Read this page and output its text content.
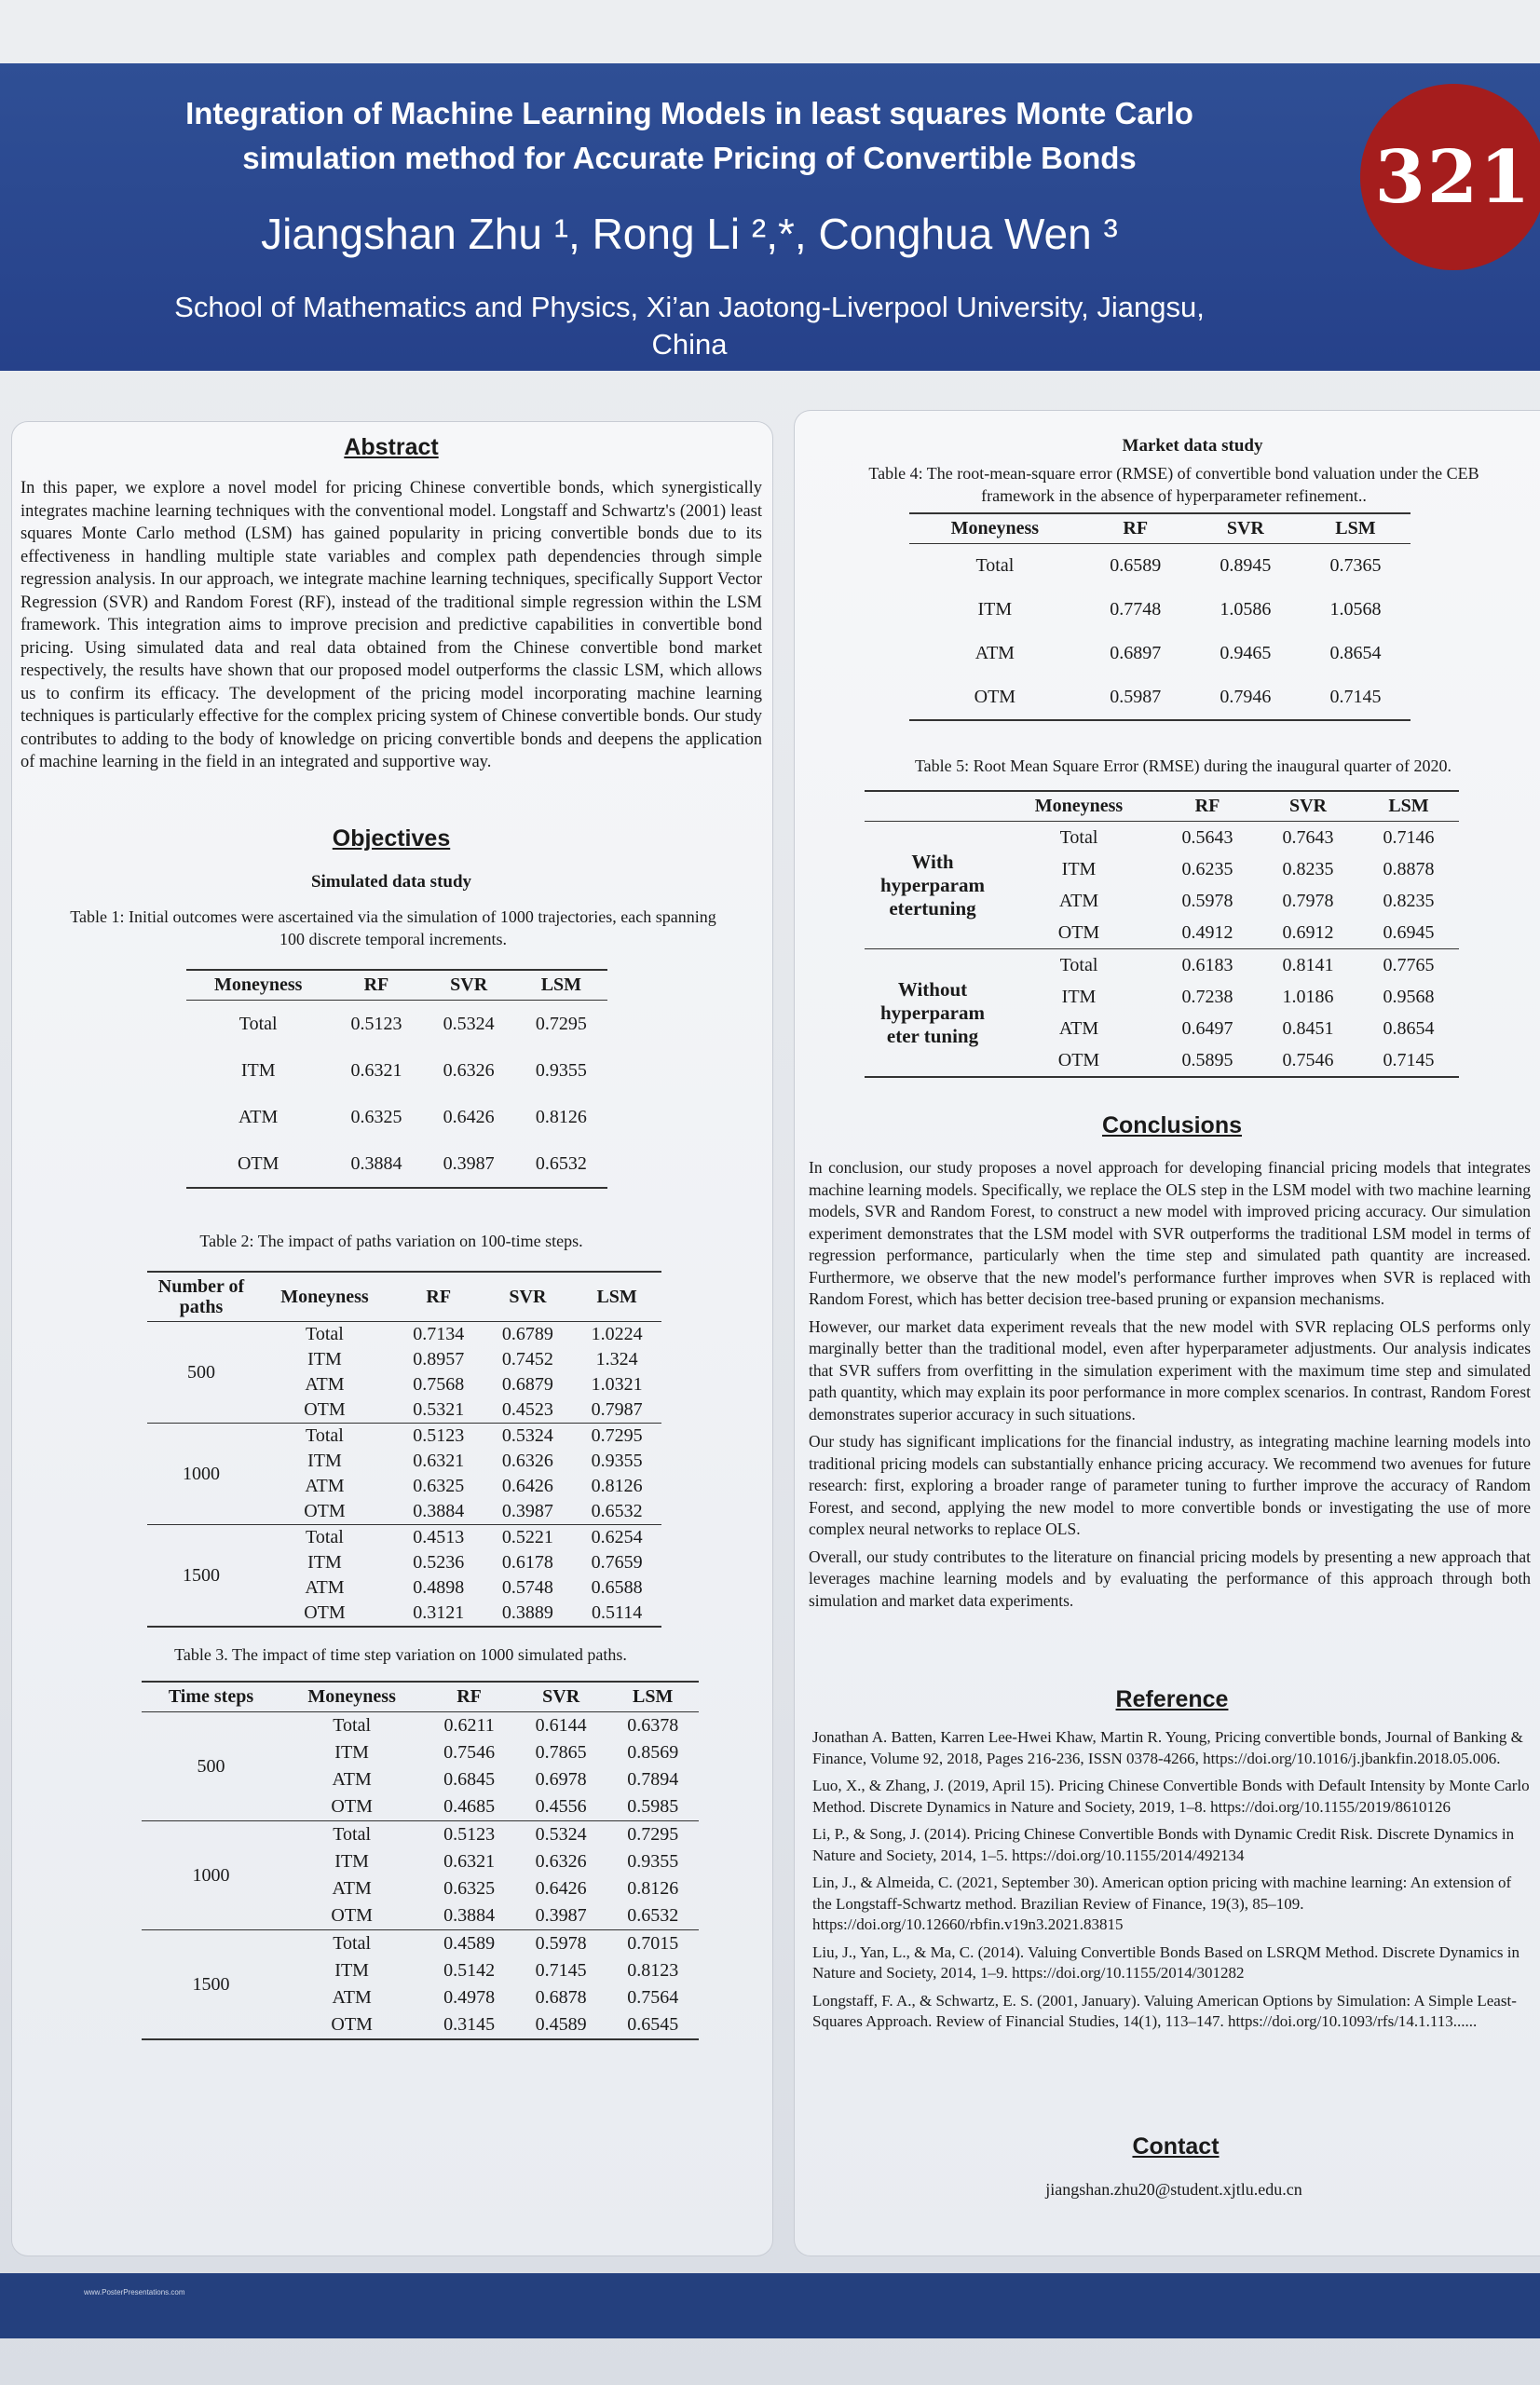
Integration of Machine Learning Models in least squares Monte Carlo simulation method for Accurate Pricing of Convertible Bonds
Jiangshan Zhu ¹, Rong Li ²,*, Conghua Wen ³
School of Mathematics and Physics, Xi’an Jaotong-Liverpool University, Jiangsu, China
321
Abstract
In this paper, we explore a novel model for pricing Chinese convertible bonds, which synergistically integrates machine learning techniques with the conventional model. Longstaff and Schwartz's (2001) least squares Monte Carlo method (LSM) has gained popularity in pricing convertible bonds due to its effectiveness in handling multiple state variables and complex path dependencies through simple regression analysis. In our approach, we integrate machine learning techniques, specifically Support Vector Regression (SVR) and Random Forest (RF), instead of the traditional simple regression within the LSM framework. This integration aims to improve precision and predictive capabilities in convertible bond pricing. Using simulated data and real data obtained from the Chinese convertible bond market respectively, the results have shown that our proposed model outperforms the classic LSM, which allows us to confirm its efficacy. The development of the pricing model incorporating machine learning techniques is particularly effective for the complex pricing system of Chinese convertible bonds. Our study contributes to adding to the body of knowledge on pricing convertible bonds and deepens the application of machine learning in the field in an integrated and supportive way.
Objectives
Simulated data study
Table 1: Initial outcomes were ascertained via the simulation of 1000 trajectories, each spanning 100 discrete temporal increments.
Moneyness	RF	SVR	LSM
Total	0.5123	0.5324	0.7295
ITM	0.6321	0.6326	0.9355
ATM	0.6325	0.6426	0.8126
OTM	0.3884	0.3987	0.6532
Table 2: The impact of paths variation on 100-time steps.
Number of paths	Moneyness	RF	SVR	LSM
500	Total	0.7134	0.6789	1.0224
	ITM	0.8957	0.7452	1.324
	ATM	0.7568	0.6879	1.0321
	OTM	0.5321	0.4523	0.7987
1000	Total	0.5123	0.5324	0.7295
	ITM	0.6321	0.6326	0.9355
	ATM	0.6325	0.6426	0.8126
	OTM	0.3884	0.3987	0.6532
1500	Total	0.4513	0.5221	0.6254
	ITM	0.5236	0.6178	0.7659
	ATM	0.4898	0.5748	0.6588
	OTM	0.3121	0.3889	0.5114
Table 3. The impact of time step variation on 1000 simulated paths.
Time steps	Moneyness	RF	SVR	LSM
500	Total	0.6211	0.6144	0.6378
	ITM	0.7546	0.7865	0.8569
	ATM	0.6845	0.6978	0.7894
	OTM	0.4685	0.4556	0.5985
1000	Total	0.5123	0.5324	0.7295
	ITM	0.6321	0.6326	0.9355
	ATM	0.6325	0.6426	0.8126
	OTM	0.3884	0.3987	0.6532
1500	Total	0.4589	0.5978	0.7015
	ITM	0.5142	0.7145	0.8123
	ATM	0.4978	0.6878	0.7564
	OTM	0.3145	0.4589	0.6545
Market data study
Table 4: The root-mean-square error (RMSE) of convertible bond valuation under the CEB framework in the absence of hyperparameter refinement..
Moneyness	RF	SVR	LSM
Total	0.6589	0.8945	0.7365
ITM	0.7748	1.0586	1.0568
ATM	0.6897	0.9465	0.8654
OTM	0.5987	0.7946	0.7145
Table 5: Root Mean Square Error (RMSE) during the inaugural quarter of 2020.
	Moneyness	RF	SVR	LSM
With hyperparam etertuning	Total	0.5643	0.7643	0.7146
	ITM	0.6235	0.8235	0.8878
	ATM	0.5978	0.7978	0.8235
	OTM	0.4912	0.6912	0.6945
Without hyperparam eter tuning	Total	0.6183	0.8141	0.7765
	ITM	0.7238	1.0186	0.9568
	ATM	0.6497	0.8451	0.8654
	OTM	0.5895	0.7546	0.7145
Conclusions

In conclusion, our study proposes a novel approach for developing financial pricing models that integrates machine learning models. Specifically, we replace the OLS step in the LSM model with two machine learning models, SVR and Random Forest, to construct a new model with improved pricing accuracy. Our simulation experiment demonstrates that the LSM model with SVR outperforms the traditional LSM model in terms of regression performance, particularly when the time step and simulated path quantity are increased. Furthermore, we observe that the new model's performance further improves when SVR is replaced with Random Forest, which has better decision tree-based pruning or expansion mechanisms.

However, our market data experiment reveals that the new model with SVR replacing OLS performs only marginally better than the traditional model, even after hyperparameter adjustments. Our analysis indicates that SVR suffers from overfitting in the simulation experiment with the maximum time step and simulated path quantity, which may explain its poor performance in more complex scenarios. In contrast, Random Forest demonstrates superior accuracy in such situations.

Our study has significant implications for the financial industry, as integrating machine learning models into traditional pricing models can substantially enhance pricing accuracy. We recommend two avenues for future research: first, exploring a broader range of parameter tuning to further improve the accuracy of Random Forest, and second, applying the new model to more convertible bonds or investigating the use of more complex neural networks to replace OLS.

Overall, our study contributes to the literature on financial pricing models by presenting a new approach that leverages machine learning models and by evaluating the performance of this approach through both simulation and market data experiments.

Reference

Jonathan A. Batten, Karren Lee-Hwei Khaw, Martin R. Young, Pricing convertible bonds, Journal of Banking & Finance, Volume 92, 2018, Pages 216-236, ISSN 0378-4266, https://doi.org/10.1016/j.jbankfin.2018.05.006.

Luo, X., & Zhang, J. (2019, April 15). Pricing Chinese Convertible Bonds with Default Intensity by Monte Carlo Method. Discrete Dynamics in Nature and Society, 2019, 1–8. https://doi.org/10.1155/2019/8610126

Li, P., & Song, J. (2014). Pricing Chinese Convertible Bonds with Dynamic Credit Risk. Discrete Dynamics in Nature and Society, 2014, 1–5. https://doi.org/10.1155/2014/492134

Lin, J., & Almeida, C. (2021, September 30). American option pricing with machine learning: An extension of the Longstaff-Schwartz method. Brazilian Review of Finance, 19(3), 85–109. https://doi.org/10.12660/rbfin.v19n3.2021.83815

Liu, J., Yan, L., & Ma, C. (2014). Valuing Convertible Bonds Based on LSRQM Method. Discrete Dynamics in Nature and Society, 2014, 1–9. https://doi.org/10.1155/2014/301282

Longstaff, F. A., & Schwartz, E. S. (2001, January). Valuing American Options by Simulation: A Simple Least-Squares Approach. Review of Financial Studies, 14(1), 113–147. https://doi.org/10.1093/rfs/14.1.113......

Contact
jiangshan.zhu20@student.xjtlu.edu.cn
www.PosterPresentations.com
